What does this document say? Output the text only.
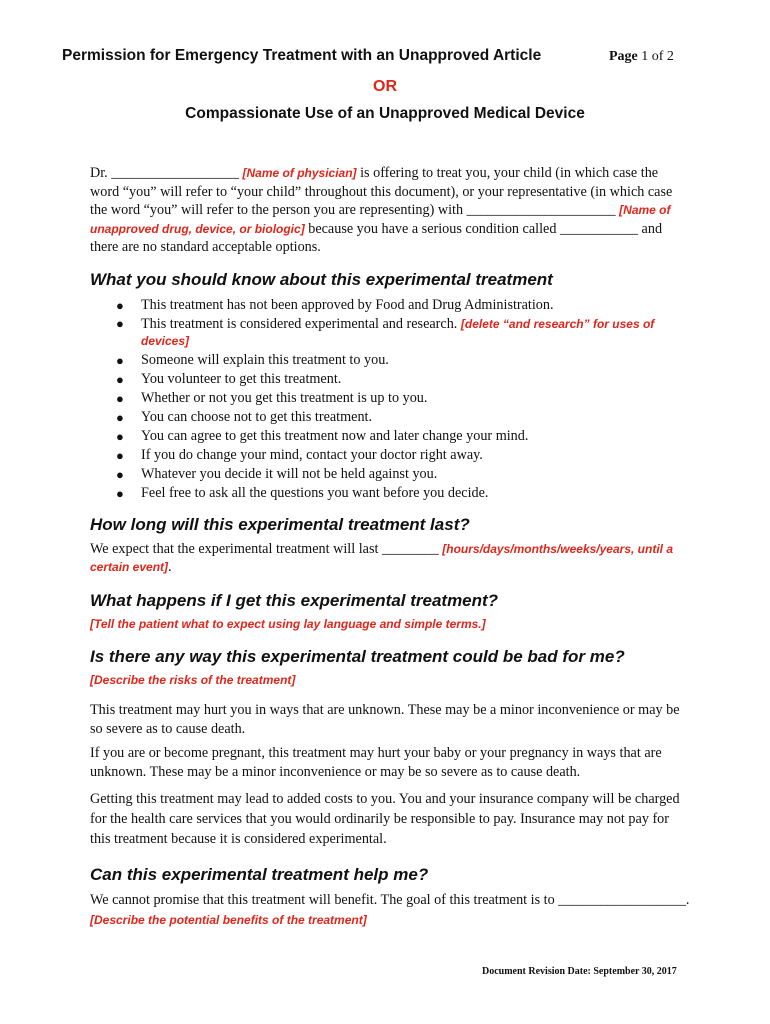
Permission for Emergency Treatment with an Unapproved Article	Page 1 of 2
OR
Compassionate Use of an Unapproved Medical Device

Dr. __________________ [Name of physician] is offering to treat you, your child (in which case the word “you” will refer to “your child” throughout this document), or your representative (in which case the word “you” will refer to the person you are representing) with _____________________ [Name of unapproved drug, device, or biologic] because you have a serious condition called ___________ and there are no standard acceptable options.

What you should know about this experimental treatment
● This treatment has not been approved by Food and Drug Administration.
● This treatment is considered experimental and research. [delete “and research” for uses of devices]
● Someone will explain this treatment to you.
● You volunteer to get this treatment.
● Whether or not you get this treatment is up to you.
● You can choose not to get this treatment.
● You can agree to get this treatment now and later change your mind.
● If you do change your mind, contact your doctor right away.
● Whatever you decide it will not be held against you.
● Feel free to ask all the questions you want before you decide.
How long will this experimental treatment last?

We expect that the experimental treatment will last ________ [hours/days/months/weeks/years, until a certain event].

What happens if I get this experimental treatment?

[Tell the patient what to expect using lay language and simple terms.]

Is there any way this experimental treatment could be bad for me?

[Describe the risks of the treatment]

This treatment may hurt you in ways that are unknown. These may be a minor inconvenience or may be so severe as to cause death.

If you are or become pregnant, this treatment may hurt your baby or your pregnancy in ways that are unknown. These may be a minor inconvenience or may be so severe as to cause death.

Getting this treatment may lead to added costs to you. You and your insurance company will be charged for the health care services that you would ordinarily be responsible to pay. Insurance may not pay for this treatment because it is considered experimental.

Can this experimental treatment help me?

We cannot promise that this treatment will benefit. The goal of this treatment is to __________________. [Describe the potential benefits of the treatment]

Document Revision Date: September 30, 2017
